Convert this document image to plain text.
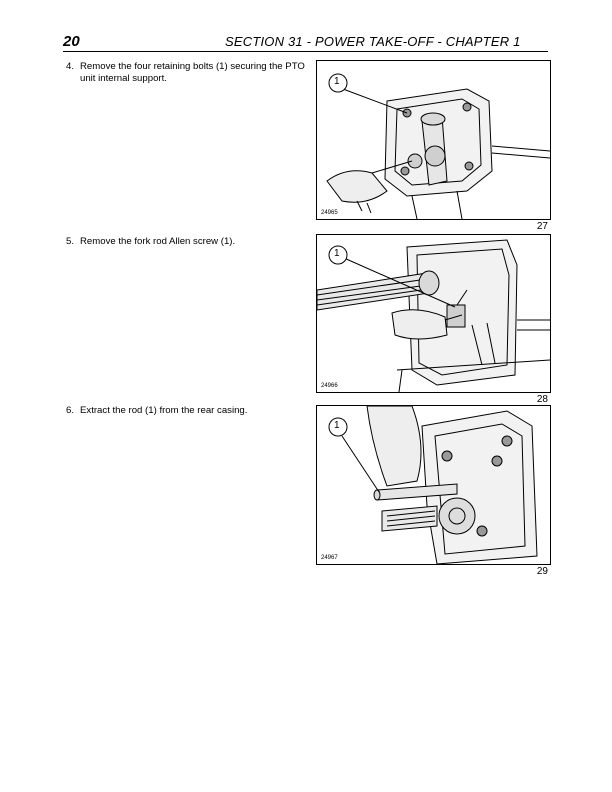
20	SECTION 31 - POWER TAKE-OFF - CHAPTER 1
4. Remove the four retaining bolts (1) securing the PTO unit internal support.	1
24965
27
5. Remove the fork rod Allen screw (1).
1
24966
28
6. Extract the rod (1) from the rear casing.
1
24967
29
